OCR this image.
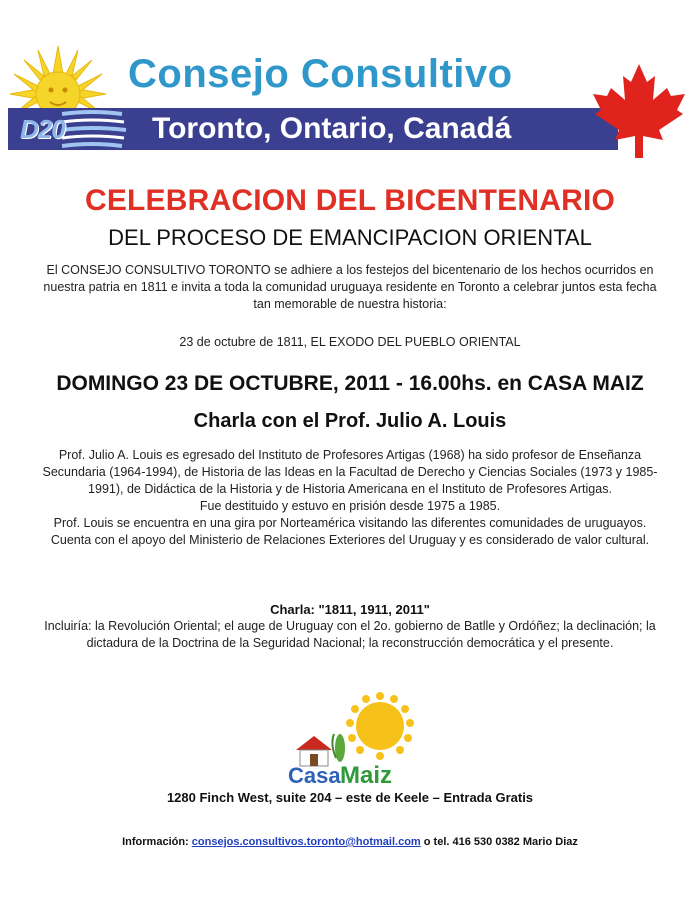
Consejo Consultivo
D20	Toronto, Ontario, Canadá
CELEBRACION DEL BICENTENARIO
DEL PROCESO DE EMANCIPACION ORIENTAL
El CONSEJO CONSULTIVO TORONTO se adhiere a los festejos del bicentenario de los hechos ocurridos en nuestra patria en 1811 e invita a toda la comunidad uruguaya residente en Toronto a celebrar juntos esta fecha tan memorable de nuestra historia:
23 de octubre de 1811, EL EXODO DEL PUEBLO ORIENTAL
DOMINGO 23 DE OCTUBRE, 2011 - 16.00hs. en CASA MAIZ
Charla con el Prof. Julio A. Louis
Prof. Julio A. Louis es egresado del Instituto de Profesores Artigas (1968) ha sido profesor de Enseñanza Secundaria (1964-1994), de Historia de las Ideas en la Facultad de Derecho y Ciencias Sociales (1973 y 1985-1991), de Didáctica de la Historia y de Historia Americana en el Instituto de Profesores Artigas.
Fue destituido y estuvo en prisión desde 1975 a 1985.
Prof. Louis se encuentra en una gira por Norteamérica visitando las diferentes comunidades de uruguayos. Cuenta con el apoyo del Ministerio de Relaciones Exteriores del Uruguay y es considerado de valor cultural.
Charla: "1811, 1911, 2011"
Incluiría: la Revolución Oriental; el auge de Uruguay con el 2o. gobierno de Batlle y Ordóñez; la declinación; la dictadura de la Doctrina de la Seguridad Nacional; la reconstrucción democrática y el presente.
Casa Maiz
1280 Finch West, suite 204 – este de Keele – Entrada Gratis
Información: consejos.consultivos.toronto@hotmail.com o tel. 416 530 0382 Mario Diaz
